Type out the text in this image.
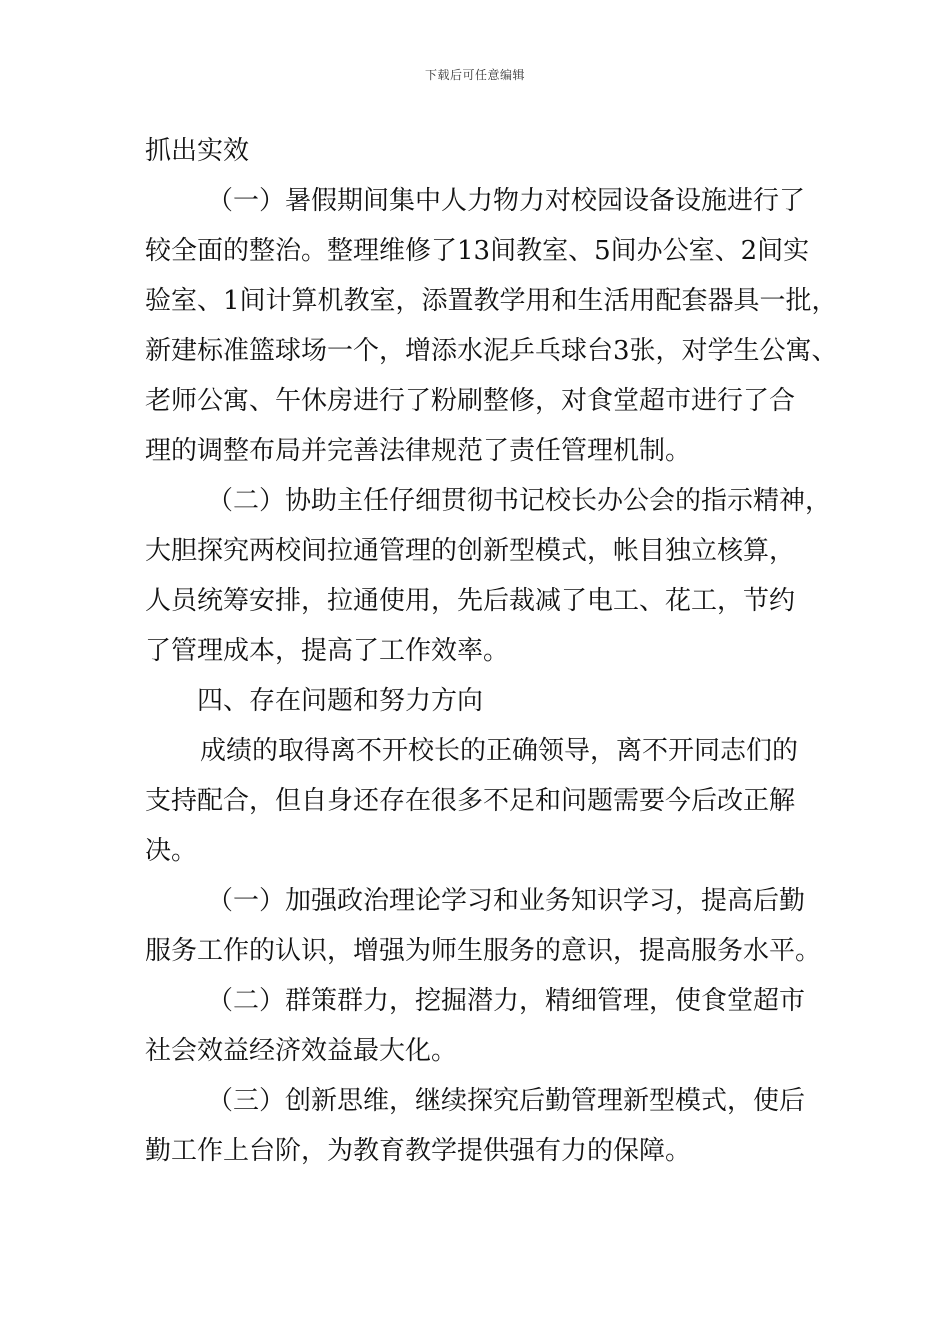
下载后可任意编辑
抓出实效
（一）暑假期间集中人力物力对校园设备设施进行了
较全面的整治。整理维修了13间教室、5间办公室、2间实
验室、1间计算机教室，添置教学用和生活用配套器具一批，
新建标准篮球场一个，增添水泥乒乓球台3张，对学生公寓、
老师公寓、午休房进行了粉刷整修，对食堂超市进行了合
理的调整布局并完善法律规范了责任管理机制。
（二）协助主任仔细贯彻书记校长办公会的指示精神，
大胆探究两校间拉通管理的创新型模式，帐目独立核算，
人员统筹安排，拉通使用，先后裁减了电工、花工，节约
了管理成本，提高了工作效率。
四、存在问题和努力方向
成绩的取得离不开校长的正确领导，离不开同志们的
支持配合，但自身还存在很多不足和问题需要今后改正解
决。
（一）加强政治理论学习和业务知识学习，提高后勤
服务工作的认识，增强为师生服务的意识，提高服务水平。
（二）群策群力，挖掘潜力，精细管理，使食堂超市
社会效益经济效益最大化。
（三）创新思维，继续探究后勤管理新型模式，使后
勤工作上台阶，为教育教学提供强有力的保障。
